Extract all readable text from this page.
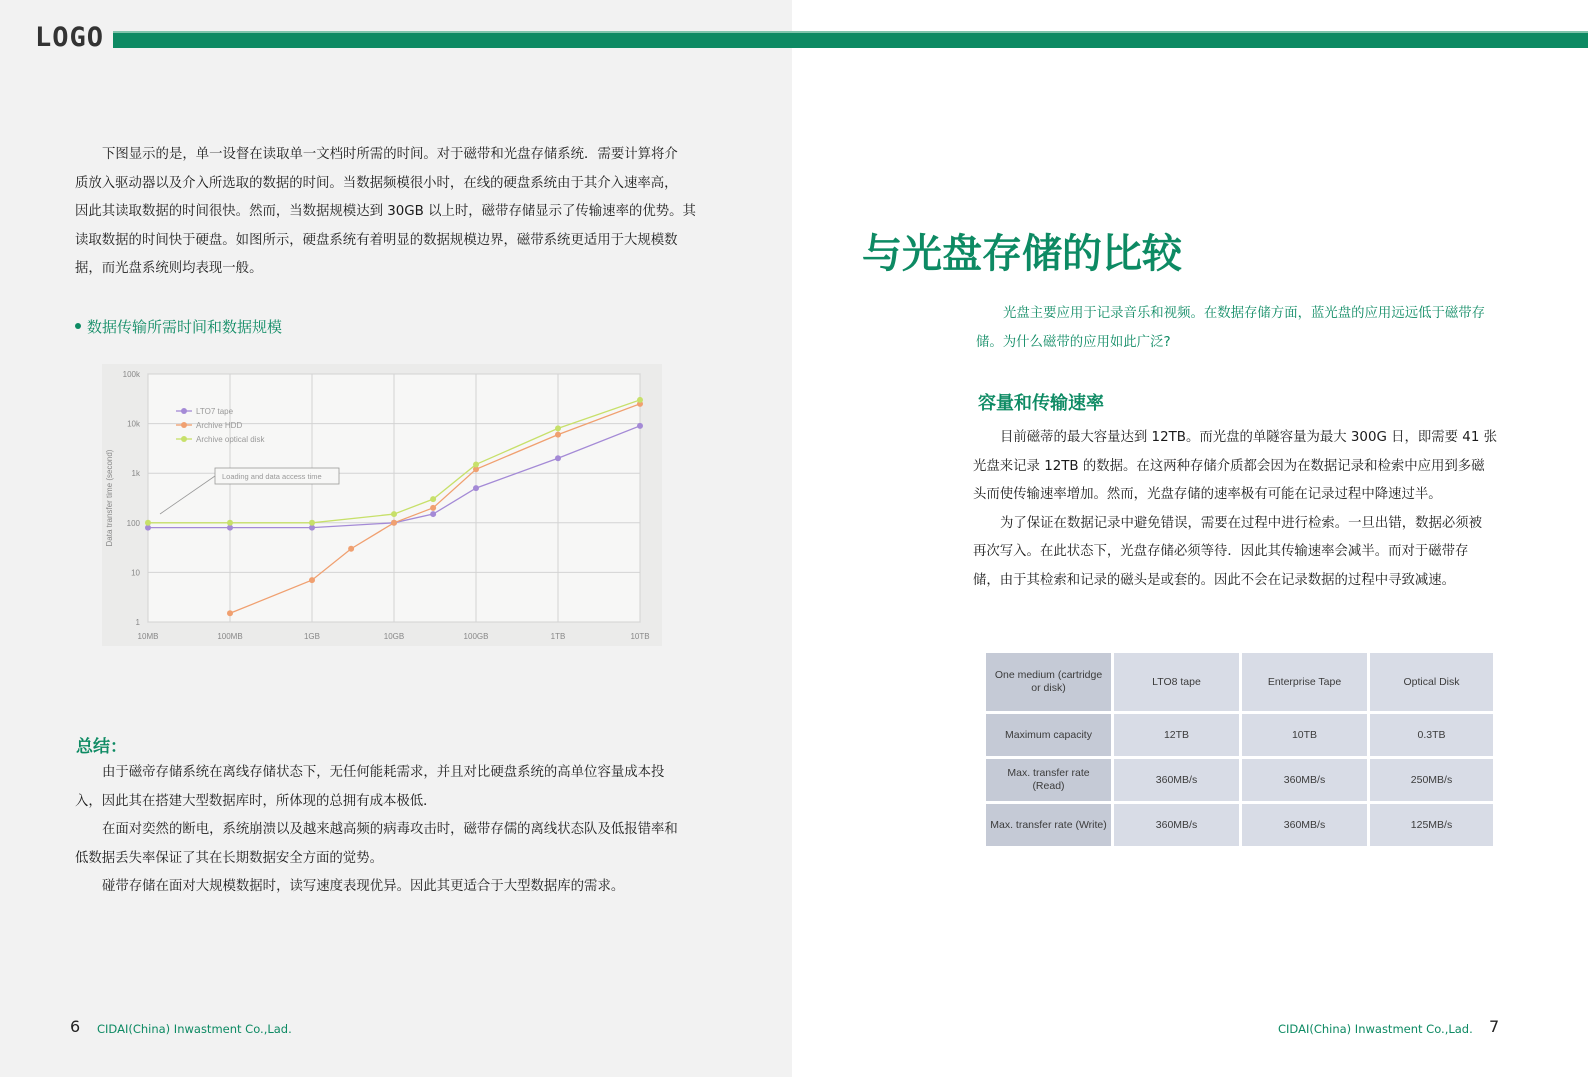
LOGO

下图显示的是，单一设督在读取单一文档时所需的时间。对于磁带和光盘存储系统．需要计算将介
质放入驱动器以及介入所选取的数据的时间。当数据频模很小时，在线的硬盘系统由于其介入速率高，
因此其读取数据的时间很快。然而，当数据规模达到 30GB 以上时，磁带存储显示了传输速率的优势。其
读取数据的时间快于硬盘。如图所示，硬盘系统有着明显的数据规模边界，磁带系统更适用于大规模数
据，而光盘系统则均表现一般。

数据传输所需时间和数据规模
10MB	100MB	1GB	10GB	100GB	1TB	10TB
1
10
100
1k
10k
100k
Data transfer time (second)
LTO7 tape
Archive HDD
Archive optical disk
Loading and data access time
总结：

由于磁帝存储系统在离线存储状态下，无任何能耗需求，并且对比硬盘系统的高单位容量成本投
入，因此其在搭建大型数据库时，所体现的总拥有成本极低．
在面对奕然的断电，系统崩溃以及越来越高频的病毒攻击时，磁带存儒的离线状态队及低报错率和
低数据丢失率保证了其在长期数据安全方面的觉势。
碰带存储在面对大规模数据时，读写速度表现优异。因此其更适合于大型数据库的需求。

6 CIDAI(China) Inwastment Co.,Lad.
与光盘存储的比较

光盘主要应用于记录音乐和视频。在数据存储方面，蓝光盘的应用远远低于磁带存储。为什么磁带的应用如此广泛?

容量和传输速率

目前磁蒂的最大容量达到 12TB。而光盘的单隧容量为最大 300G 日，即需要 41 张
光盘来记录 12TB 的数据。在这两种存储介质都会因为在数据记录和检索中应用到多磁
头而使传输速率增加。然而，光盘存储的速率极有可能在记录过程中降速过半。
为了保证在数据记录中避免错误，需要在过程中进行检索。一旦出错，数据必须被
再次写入。在此状态下，光盘存储必须等待．因此其传输速率会减半。而对于磁带存
储，由于其检索和记录的磁头是或套的。因此不会在记录数据的过程中寻致减速。

One medium (cartridge or disk)	LTO8 tape	Enterprise Tape	Optical Disk
Maximum capacity	12TB	10TB	0.3TB
Max. transfer rate (Read)	360MB/s	360MB/s	250MB/s
Max. transfer rate (Write)	360MB/s	360MB/s	125MB/s
CIDAI(China) Inwastment Co.,Lad. 7
